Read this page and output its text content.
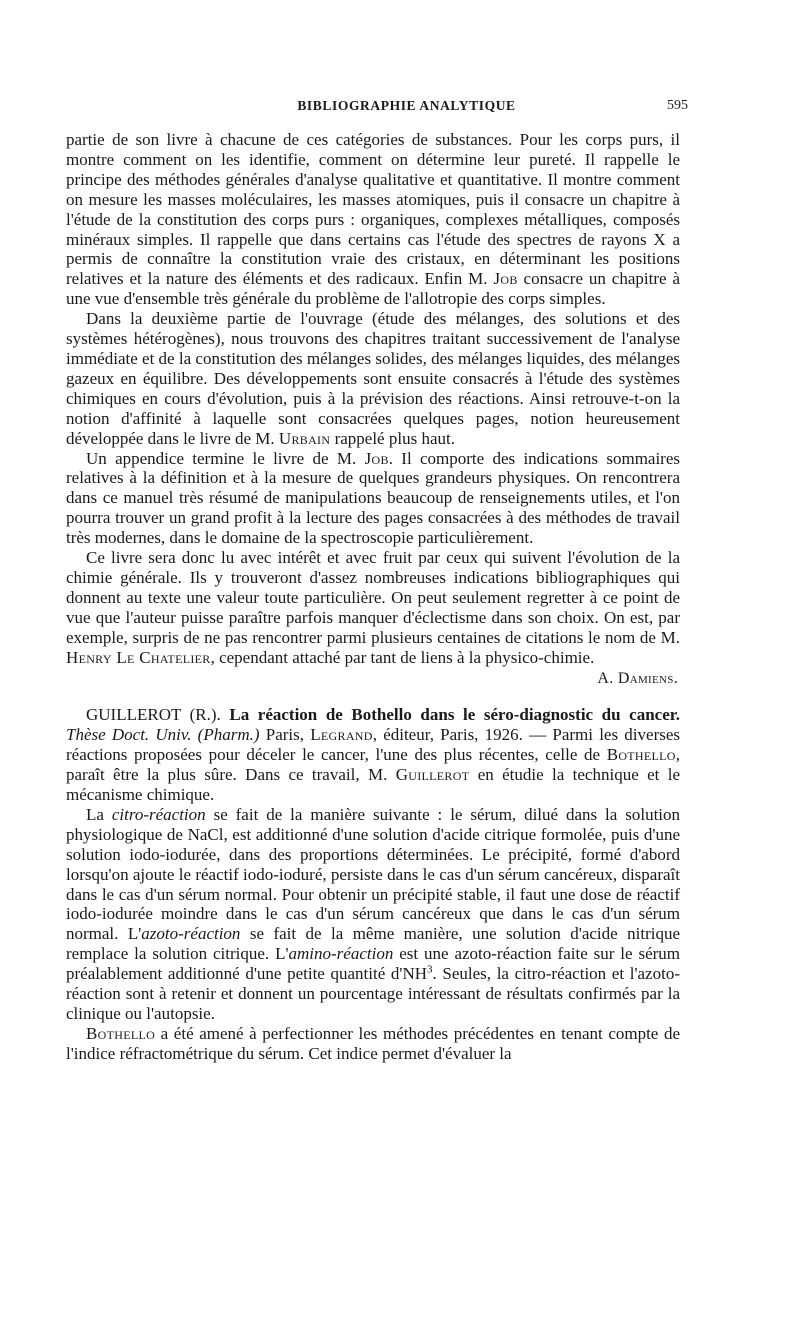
BIBLIOGRAPHIE ANALYTIQUE	595

partie de son livre à chacune de ces catégories de substances. Pour les corps purs, il montre comment on les identifie, comment on détermine leur pureté. Il rappelle le principe des méthodes générales d'analyse qualitative et quantitative. Il montre comment on mesure les masses moléculaires, les masses atomiques, puis il consacre un chapitre à l'étude de la constitution des corps purs : organiques, complexes métalliques, composés minéraux simples. Il rappelle que dans certains cas l'étude des spectres de rayons X a permis de connaître la constitution vraie des cristaux, en déterminant les positions relatives et la nature des éléments et des radicaux. Enfin M. Job consacre un chapitre à une vue d'ensemble très générale du problème de l'allotropie des corps simples.

Dans la deuxième partie de l'ouvrage (étude des mélanges, des solutions et des systèmes hétérogènes), nous trouvons des chapitres traitant successivement de l'analyse immédiate et de la constitution des mélanges solides, des mélanges liquides, des mélanges gazeux en équilibre. Des développements sont ensuite consacrés à l'étude des systèmes chimiques en cours d'évolution, puis à la prévision des réactions. Ainsi retrouve-t-on la notion d'affinité à laquelle sont consacrées quelques pages, notion heureusement développée dans le livre de M. Urbain rappelé plus haut.

Un appendice termine le livre de M. Job. Il comporte des indications sommaires relatives à la définition et à la mesure de quelques grandeurs physiques. On rencontrera dans ce manuel très résumé de manipulations beaucoup de renseignements utiles, et l'on pourra trouver un grand profit à la lecture des pages consacrées à des méthodes de travail très modernes, dans le domaine de la spectroscopie particulièrement.

Ce livre sera donc lu avec intérêt et avec fruit par ceux qui suivent l'évolution de la chimie générale. Ils y trouveront d'assez nombreuses indications bibliographiques qui donnent au texte une valeur toute particulière. On peut seulement regretter à ce point de vue que l'auteur puisse paraître parfois manquer d'éclectisme dans son choix. On est, par exemple, surpris de ne pas rencontrer parmi plusieurs centaines de citations le nom de M. Henry Le Chatelier, cependant attaché par tant de liens à la physico-chimie.

A. Damiens.

GUILLEROT (R.). La réaction de Bothello dans le séro-diagnostic du cancer. Thèse Doct. Univ. (Pharm.) Paris, Legrand, éditeur, Paris, 1926. — Parmi les diverses réactions proposées pour déceler le cancer, l'une des plus récentes, celle de Bothello, paraît être la plus sûre. Dans ce travail, M. Guillerot en étudie la technique et le mécanisme chimique.

La citro-réaction se fait de la manière suivante : le sérum, dilué dans la solution physiologique de NaCl, est additionné d'une solution d'acide citrique formolée, puis d'une solution iodo-iodurée, dans des proportions déterminées. Le précipité, formé d'abord lorsqu'on ajoute le réactif iodo-ioduré, persiste dans le cas d'un sérum cancéreux, disparaît dans le cas d'un sérum normal. Pour obtenir un précipité stable, il faut une dose de réactif iodo-iodurée moindre dans le cas d'un sérum cancéreux que dans le cas d'un sérum normal. L'azoto-réaction se fait de la même manière, une solution d'acide nitrique remplace la solution citrique. L'amino-réaction est une azoto-réaction faite sur le sérum préalablement additionné d'une petite quantité $d'NH^3$. Seules, la citro-réaction et l'azoto-réaction sont à retenir et donnent un pourcentage intéressant de résultats confirmés par la clinique ou l'autopsie.

Bothello a été amené à perfectionner les méthodes précédentes en tenant compte de l'indice réfractométrique du sérum. Cet indice permet d'évaluer la
